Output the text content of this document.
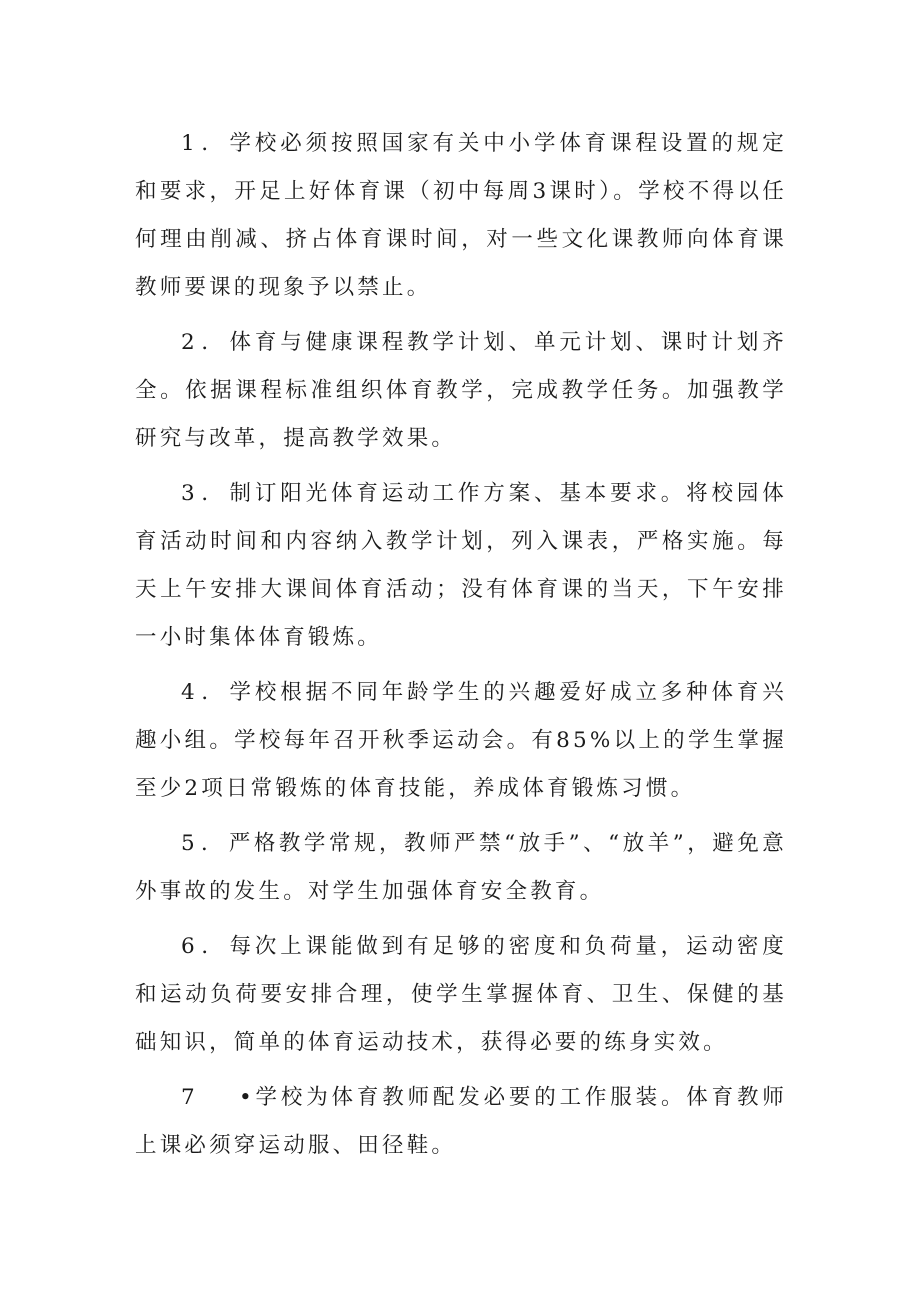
1．学校必须按照国家有关中小学体育课程设置的规定和要求，开足上好体育课（初中每周3课时）。学校不得以任何理由削减、挤占体育课时间，对一些文化课教师向体育课教师要课的现象予以禁止。

2．体育与健康课程教学计划、单元计划、课时计划齐全。依据课程标准组织体育教学，完成教学任务。加强教学研究与改革，提高教学效果。

3．制订阳光体育运动工作方案、基本要求。将校园体育活动时间和内容纳入教学计划，列入课表，严格实施。每天上午安排大课间体育活动；没有体育课的当天，下午安排一小时集体体育锻炼。

4．学校根据不同年龄学生的兴趣爱好成立多种体育兴趣小组。学校每年召开秋季运动会。有85%以上的学生掌握至少2项日常锻炼的体育技能，养成体育锻炼习惯。

5．严格教学常规，教师严禁“放手”、“放羊”，避免意外事故的发生。对学生加强体育安全教育。

6．每次上课能做到有足够的密度和负荷量，运动密度和运动负荷要安排合理，使学生掌握体育、卫生、保健的基础知识，简单的体育运动技术，获得必要的练身实效。

7 •学校为体育教师配发必要的工作服装。体育教师上课必须穿运动服、田径鞋。
